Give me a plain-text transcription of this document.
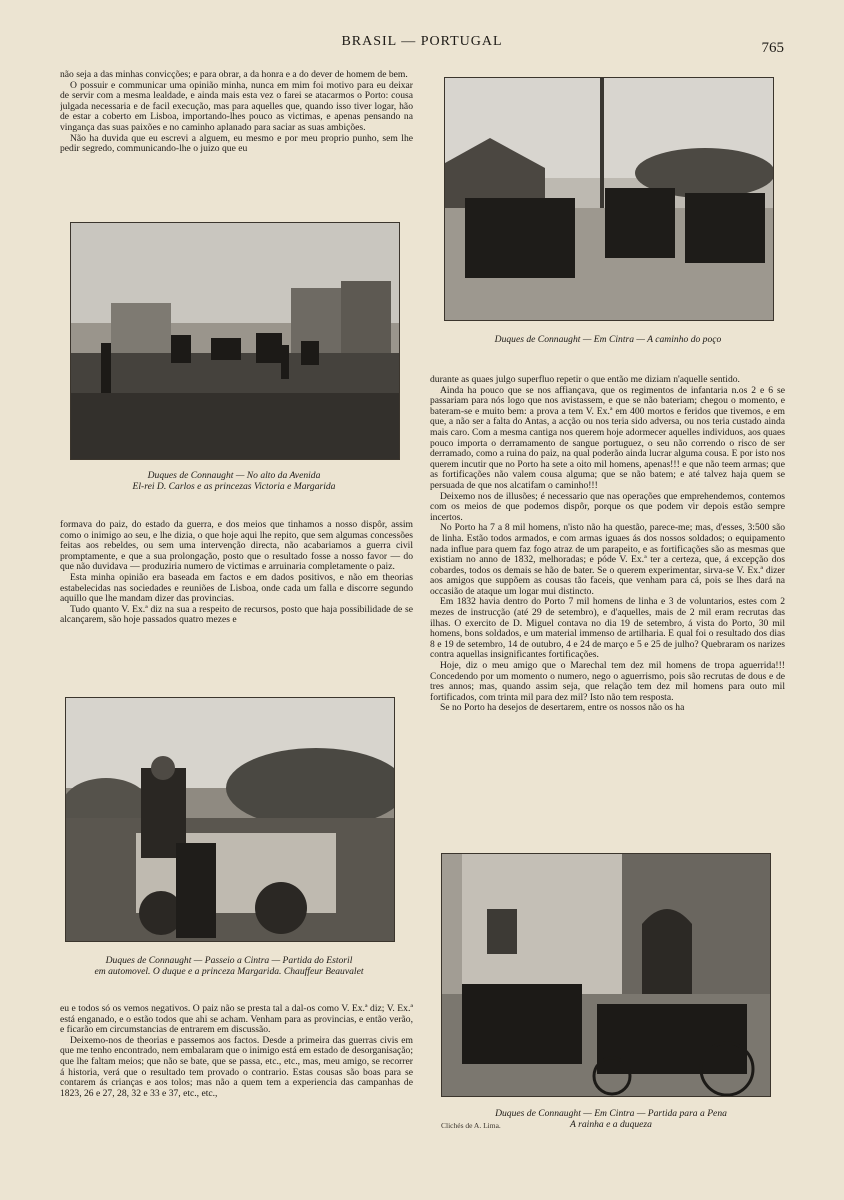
BRASIL — PORTUGAL	765

não seja a das minhas convicções; e para obrar, a da honra e a do dever de homem de bem.

O possuir e communicar uma opinião minha, nunca em mim foi motivo para eu deixar de servir com a mesma lealdade, e ainda mais esta vez o farei se atacarmos o Porto: cousa julgada necessaria e de facil execução, mas para aquelles que, quando isso tiver logar, hão de estar a coberto em Lisboa, importando-lhes pouco as victimas, e apenas pensando na vingança das suas paixões e no caminho aplanado para saciar as suas ambições.

Não ha duvida que eu escrevi a alguem, eu mesmo e por meu proprio punho, sem lhe pedir segredo, communicando-lhe o juizo que eu

Duques de Connaught — No alto da Avenida
El-rei D. Carlos e as princezas Victoria e Margarida

formava do paiz, do estado da guerra, e dos meios que tinhamos a nosso dispôr, assim como o inimigo ao seu, e lhe dizia, o que hoje aqui lhe repito, que sem algumas concessões feitas aos rebeldes, ou sem uma intervenção directa, não acabariamos a guerra civil promptamente, e que a sua prolongação, posto que o resultado fosse a nosso favor — do que não duvidava — produziria numero de victimas e arruinaria completamente o paiz.

Esta minha opinião era baseada em factos e em dados positivos, e não em theorias estabelecidas nas sociedades e reuniões de Lisboa, onde cada um falla e discorre segundo aquillo que lhe mandam dizer das provincias.

Tudo quanto V. Ex.ª diz na sua a respeito de recursos, posto que haja possibilidade de se alcançarem, são hoje passados quatro mezes e

Duques de Connaught — Passeio a Cintra — Partida do Estoril
em automovel. O duque e a princeza Margarida. Chauffeur Beauvalet

eu e todos só os vemos negativos. O paiz não se presta tal a dal-os como V. Ex.ª diz; V. Ex.ª está enganado, e o estão todos que ahi se acham. Venham para as provincias, e então verão, e ficarão em circumstancias de entrarem em discussão.

Deixemo-nos de theorias e passemos aos factos. Desde a primeira das guerras civis em que me tenho encontrado, nem embalaram que o inimigo está em estado de desorganisação; que lhe faltam meios; que não se bate, que se passa, etc., etc., mas, meu amigo, se recorrer á historia, verá que o resultado tem provado o contrario. Estas cousas são boas para se contarem ás crianças e aos tolos; mas não a quem tem a experiencia das campanhas de 1823, 26 e 27, 28, 32 e 33 e 37, etc., etc.,

Duques de Connaught — Em Cintra — A caminho do poço

durante as quaes julgo superfluo repetir o que então me diziam n'aquelle sentido.

Ainda ha pouco que se nos affiançava, que os regimentos de infantaria n.os 2 e 6 se passariam para nós logo que nos avistassem, e que se não bateriam; chegou o momento, e bateram-se e muito bem: a prova a tem V. Ex.ª em 400 mortos e feridos que tivemos, e em que, a não ser a falta do Antas, a acção ou nos teria sido adversa, ou nos teria custado ainda mais caro. Com a mesma cantiga nos querem hoje adormecer aquelles individuos, aos quaes pouco importa o derramamento de sangue portuguez, o seu não correndo o risco de ser derramado, como a ruina do paiz, na qual poderão ainda lucrar alguma cousa. E por isto nos querem incutir que no Porto ha sete a oito mil homens, apenas!!! e que não teem armas; que as fortificações não valem cousa alguma; que se não batem; e até talvez haja quem se persuada de que nos alcatifam o caminho!!!

Deixemo nos de illusões; é necessario que nas operações que emprehendemos, contemos com os meios de que podemos dispôr, porque os que podem vir depois estão sempre incertos.

No Porto ha 7 a 8 mil homens, n'isto não ha questão, parece-me; mas, d'esses, 3:500 são de linha. Estão todos armados, e com armas iguaes ás dos nossos soldados; o equipamento nada influe para quem faz fogo atraz de um parapeito, e as fortificações são as mesmas que existiam no anno de 1832, melhoradas; e póde V. Ex.ª ter a certeza, que, á excepção dos cobardes, todos os demais se hão de bater. Se o querem experimentar, sirva-se V. Ex.ª dizer aos amigos que suppõem as cousas tão faceis, que venham para cá, pois se lhes dará na occasião de ataque um logar mui distincto.

Em 1832 havia dentro do Porto 7 mil homens de linha e 3 de voluntarios, estes com 2 mezes de instrucção (até 29 de setembro), e d'aquelles, mais de 2 mil eram recrutas das ilhas. O exercito de D. Miguel contava no dia 19 de setembro, á vista do Porto, 30 mil homens, bons soldados, e um material immenso de artilharia. E qual foi o resultado dos dias 8 e 19 de setembro, 14 de outubro, 4 e 24 de março e 5 e 25 de julho? Quebraram os narizes contra aquellas insignificantes fortificações.

Hoje, diz o meu amigo que o Marechal tem dez mil homens de tropa aguerrida!!! Concedendo por um momento o numero, nego o aguerrismo, pois são recrutas de dous e de tres annos; mas, quando assim seja, que relação tem dez mil homens para outo mil fortificados, com trinta mil para dez mil? Isto não tem resposta.

Se no Porto ha desejos de desertarem, entre os nossos não os ha

Duques de Connaught — Em Cintra — Partida para a Pena
A rainha e a duqueza
Clichés de A. Lima.
